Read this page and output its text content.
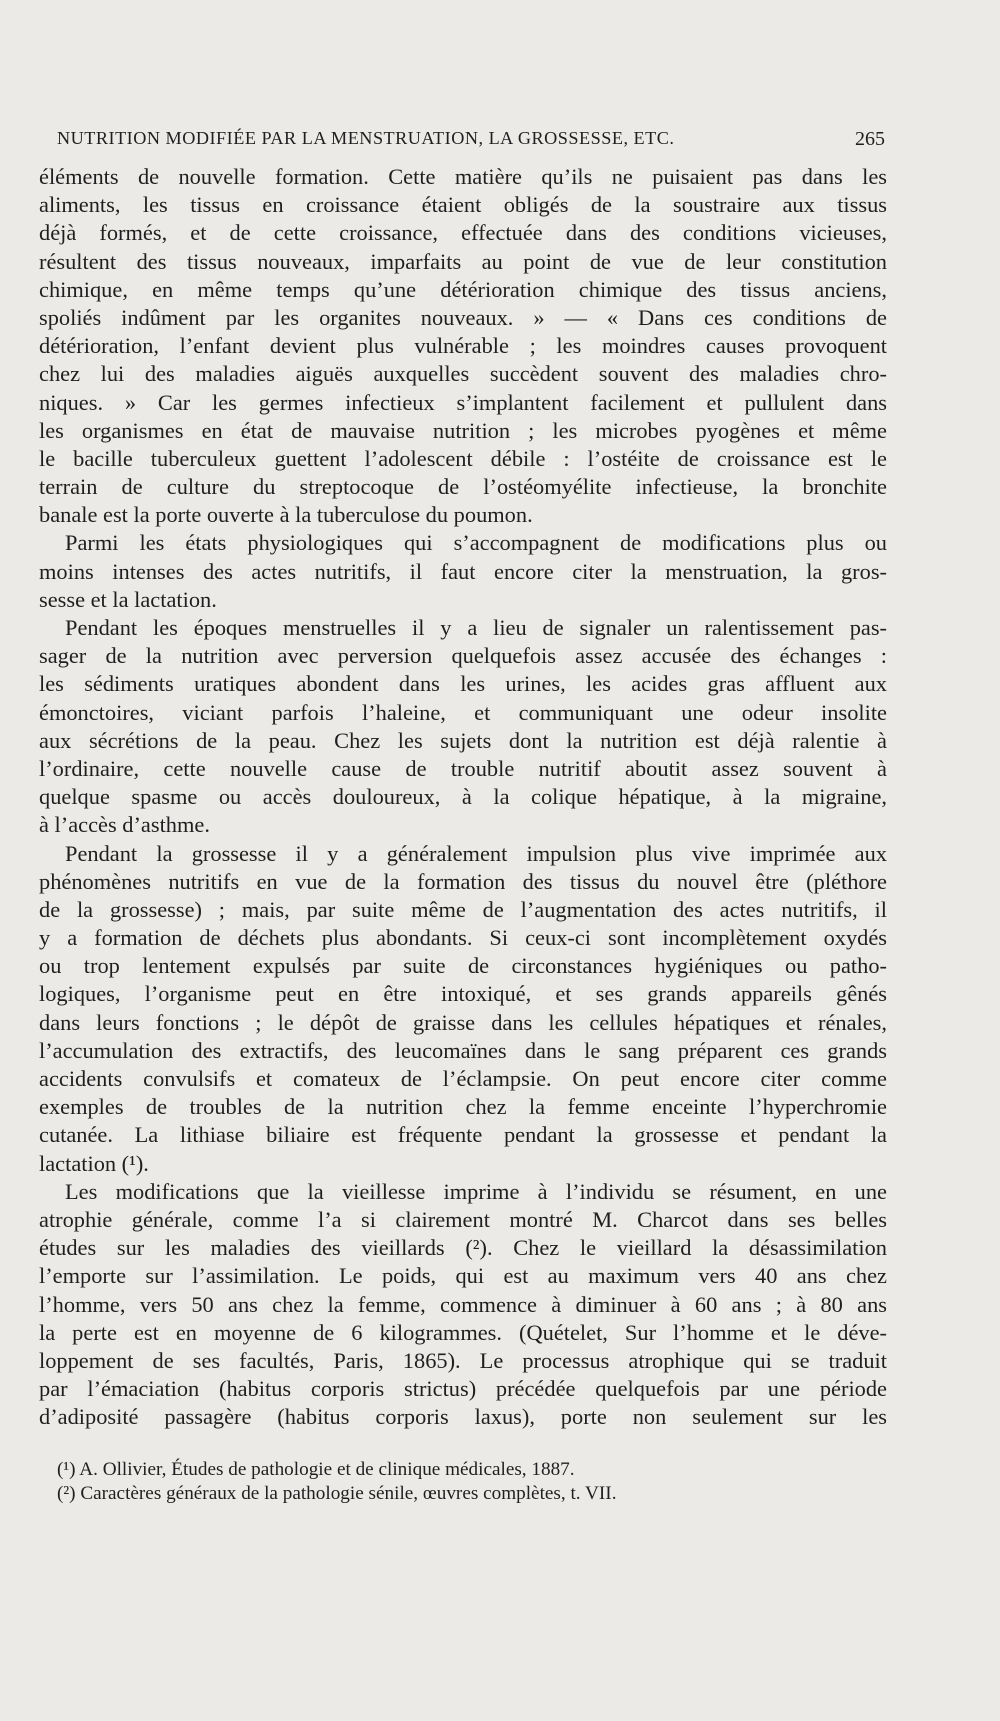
NUTRITION MODIFIÉE PAR LA MENSTRUATION, LA GROSSESSE, ETC.	265
éléments de nouvelle formation. Cette matière qu’ils ne puisaient pas dans les
aliments, les tissus en croissance étaient obligés de la soustraire aux tissus
déjà formés, et de cette croissance, effectuée dans des conditions vicieuses,
résultent des tissus nouveaux, imparfaits au point de vue de leur constitution
chimique, en même temps qu’une détérioration chimique des tissus anciens,
spoliés indûment par les organites nouveaux. » — « Dans ces conditions de
détérioration, l’enfant devient plus vulnérable ; les moindres causes provoquent
chez lui des maladies aiguës auxquelles succèdent souvent des maladies chro-
niques. » Car les germes infectieux s’implantent facilement et pullulent dans
les organismes en état de mauvaise nutrition ; les microbes pyogènes et même
le bacille tuberculeux guettent l’adolescent débile : l’ostéite de croissance est le
terrain de culture du streptocoque de l’ostéomyélite infectieuse, la bronchite
banale est la porte ouverte à la tuberculose du poumon.
Parmi les états physiologiques qui s’accompagnent de modifications plus ou
moins intenses des actes nutritifs, il faut encore citer la menstruation, la gros-
sesse et la lactation.
Pendant les époques menstruelles il y a lieu de signaler un ralentissement pas-
sager de la nutrition avec perversion quelquefois assez accusée des échanges :
les sédiments uratiques abondent dans les urines, les acides gras affluent aux
émonctoires, viciant parfois l’haleine, et communiquant une odeur insolite
aux sécrétions de la peau. Chez les sujets dont la nutrition est déjà ralentie à
l’ordinaire, cette nouvelle cause de trouble nutritif aboutit assez souvent à
quelque spasme ou accès douloureux, à la colique hépatique, à la migraine,
à l’accès d’asthme.
Pendant la grossesse il y a généralement impulsion plus vive imprimée aux
phénomènes nutritifs en vue de la formation des tissus du nouvel être (pléthore
de la grossesse) ; mais, par suite même de l’augmentation des actes nutritifs, il
y a formation de déchets plus abondants. Si ceux-ci sont incomplètement oxydés
ou trop lentement expulsés par suite de circonstances hygiéniques ou patho-
logiques, l’organisme peut en être intoxiqué, et ses grands appareils gênés
dans leurs fonctions ; le dépôt de graisse dans les cellules hépatiques et rénales,
l’accumulation des extractifs, des leucomaïnes dans le sang préparent ces grands
accidents convulsifs et comateux de l’éclampsie. On peut encore citer comme
exemples de troubles de la nutrition chez la femme enceinte l’hyperchromie
cutanée. La lithiase biliaire est fréquente pendant la grossesse et pendant la
lactation (¹).
Les modifications que la vieillesse imprime à l’individu se résument, en une
atrophie générale, comme l’a si clairement montré M. Charcot dans ses belles
études sur les maladies des vieillards (²). Chez le vieillard la désassimilation
l’emporte sur l’assimilation. Le poids, qui est au maximum vers 40 ans chez
l’homme, vers 50 ans chez la femme, commence à diminuer à 60 ans ; à 80 ans
la perte est en moyenne de 6 kilogrammes. (Quételet, Sur l’homme et le déve-
loppement de ses facultés, Paris, 1865). Le processus atrophique qui se traduit
par l’émaciation (habitus corporis strictus) précédée quelquefois par une période
d’adiposité passagère (habitus corporis laxus), porte non seulement sur les
(¹) A. Ollivier, Études de pathologie et de clinique médicales, 1887.
(²) Caractères généraux de la pathologie sénile, œuvres complètes, t. VII.
